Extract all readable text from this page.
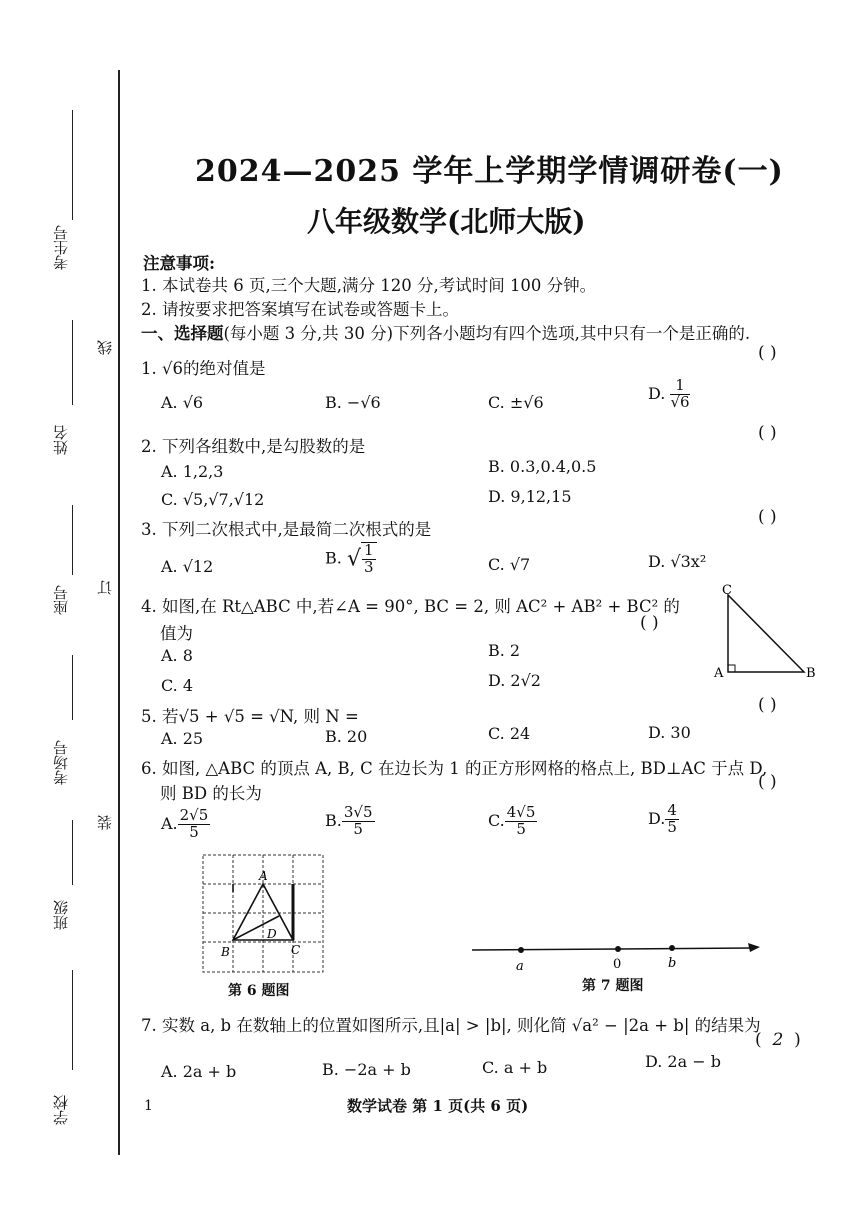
考生号
姓名
座号
考场号
班级
学校
线
订
装
2024—2025 学年上学期学情调研卷(一)
八年级数学(北师大版)
注意事项:
1. 本试卷共 6 页,三个大题,满分 120 分,考试时间 100 分钟。
2. 请按要求把答案填写在试卷或答题卡上。
一、选择题(每小题 3 分,共 30 分)下列各小题均有四个选项,其中只有一个是正确的.
( )
1. √6的绝对值是
A. √6	B. −√6	C. ±√6	D. $\frac{1}{√6}$
( )
2. 下列各组数中,是勾股数的是
A. 1,2,3	B. 0.3,0.4,0.5
C. √5,√7,√12	D. 9,12,15
( )
3. 下列二次根式中,是最简二次根式的是
A. √12	B. √ $\frac{1}{3}$	C. √7	D. √3x²
4. 如图,在 Rt△ABC 中,若∠A = 90°, BC = 2, 则 AC² + AB² + BC² 的
值为
( )
A. 8	B. 2
C. 4	D. 2√2
C
A	B
( )
5. 若√5 + √5 = √N, 则 N =
A. 25	B. 20	C. 24	D. 30
6. 如图, △ABC 的顶点 A, B, C 在边长为 1 的正方形网格的格点上, BD⊥AC 于点 D,
( )
则 BD 的长为
A. $\frac{2√5}{5}$	B. $\frac{3√5}{5}$	C. $\frac{4√5}{5}$	D. $\frac{4}{5}$
A
B	C
D
第 6 题图
a	0	b
第 7 题图
7. 实数 a, b 在数轴上的位置如图所示,且|a| > |b|, 则化简 √a² − |2a + b| 的结果为
(  2  )
A. 2a + b	B. −2a + b	C. a + b	D. 2a − b
1	数学试卷 第 1 页(共 6 页)
